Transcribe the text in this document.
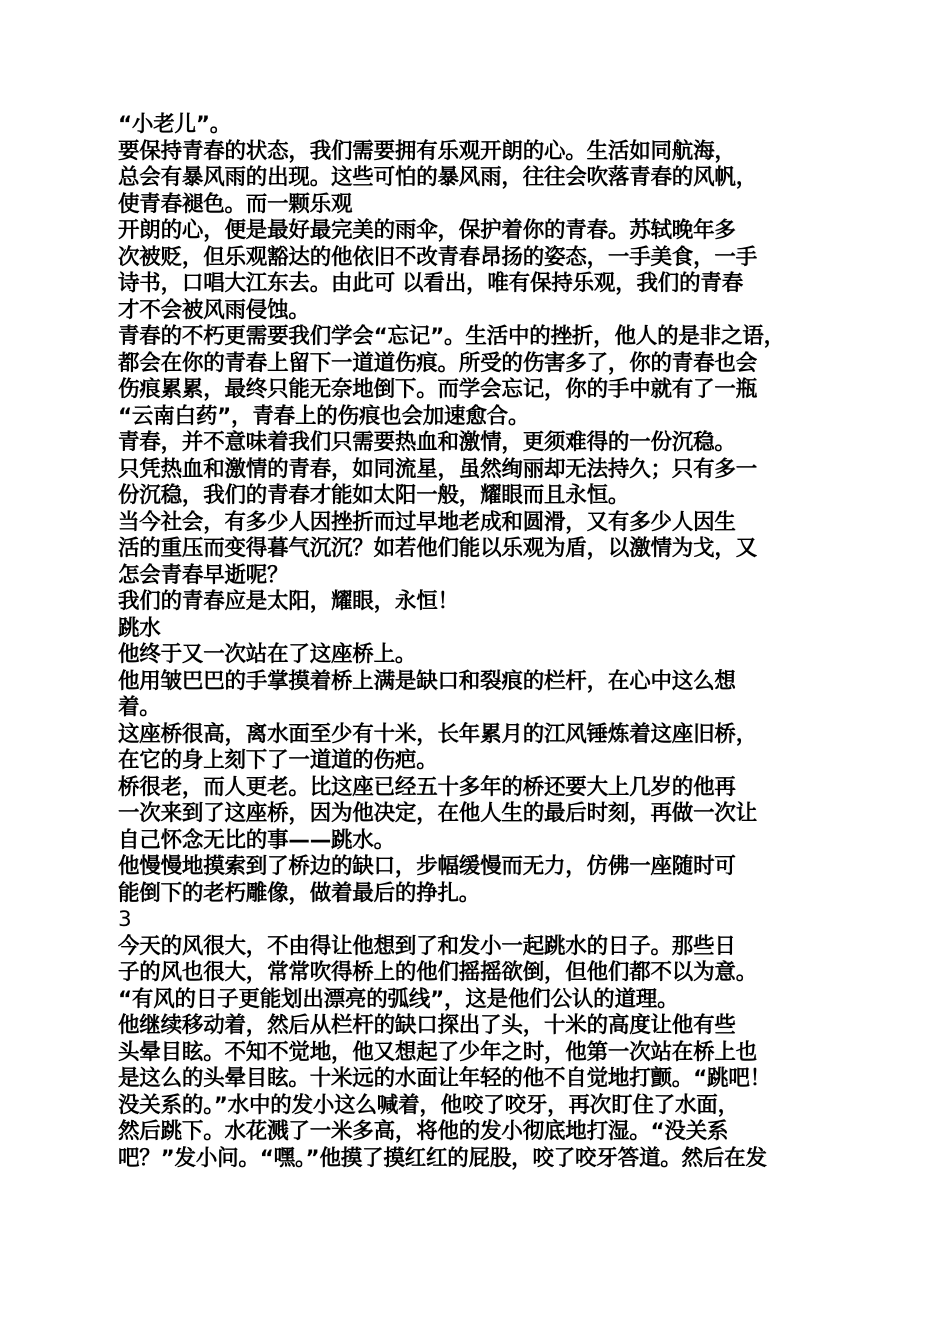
“小老儿”。
要保持青春的状态，我们需要拥有乐观开朗的心。生活如同航海，
总会有暴风雨的出现。这些可怕的暴风雨，往往会吹落青春的风帆，
使青春褪色。而一颗乐观
开朗的心，便是最好最完美的雨伞，保护着你的青春。苏轼晚年多
次被贬，但乐观豁达的他依旧不改青春昂扬的姿态，一手美食，一手
诗书，口唱大江东去。由此可 以看出，唯有保持乐观，我们的青春
才不会被风雨侵蚀。
青春的不朽更需要我们学会“忘记”。生活中的挫折，他人的是非之语，
都会在你的青春上留下一道道伤痕。所受的伤害多了，你的青春也会
伤痕累累，最终只能无奈地倒下。而学会忘记，你的手中就有了一瓶
“云南白药”，青春上的伤痕也会加速愈合。
青春，并不意味着我们只需要热血和激情，更须难得的一份沉稳。
只凭热血和激情的青春，如同流星，虽然绚丽却无法持久；只有多一
份沉稳，我们的青春才能如太阳一般，耀眼而且永恒。
当今社会，有多少人因挫折而过早地老成和圆滑，又有多少人因生
活的重压而变得暮气沉沉？如若他们能以乐观为盾，以激情为戈，又
怎会青春早逝呢？
我们的青春应是太阳，耀眼，永恒！
跳水
他终于又一次站在了这座桥上。
他用皱巴巴的手掌摸着桥上满是缺口和裂痕的栏杆，在心中这么想
着。
这座桥很高，离水面至少有十米，长年累月的江风锤炼着这座旧桥，
在它的身上刻下了一道道的伤疤。
桥很老，而人更老。比这座已经五十多年的桥还要大上几岁的他再
一次来到了这座桥，因为他决定，在他人生的最后时刻，再做一次让
自己怀念无比的事——跳水。
他慢慢地摸索到了桥边的缺口，步幅缓慢而无力，仿佛一座随时可
能倒下的老朽雕像，做着最后的挣扎。
3
今天的风很大，不由得让他想到了和发小一起跳水的日子。那些日
子的风也很大，常常吹得桥上的他们摇摇欲倒，但他们都不以为意。
“有风的日子更能划出漂亮的弧线”，这是他们公认的道理。
他继续移动着，然后从栏杆的缺口探出了头，十米的高度让他有些
头晕目眩。不知不觉地，他又想起了少年之时，他第一次站在桥上也
是这么的头晕目眩。十米远的水面让年轻的他不自觉地打颤。“跳吧！
没关系的。”水中的发小这么喊着，他咬了咬牙，再次盯住了水面，
然后跳下。水花溅了一米多高，将他的发小彻底地打湿。“没关系
吧？”发小问。“嘿。”他摸了摸红红的屁股，咬了咬牙答道。然后在发
